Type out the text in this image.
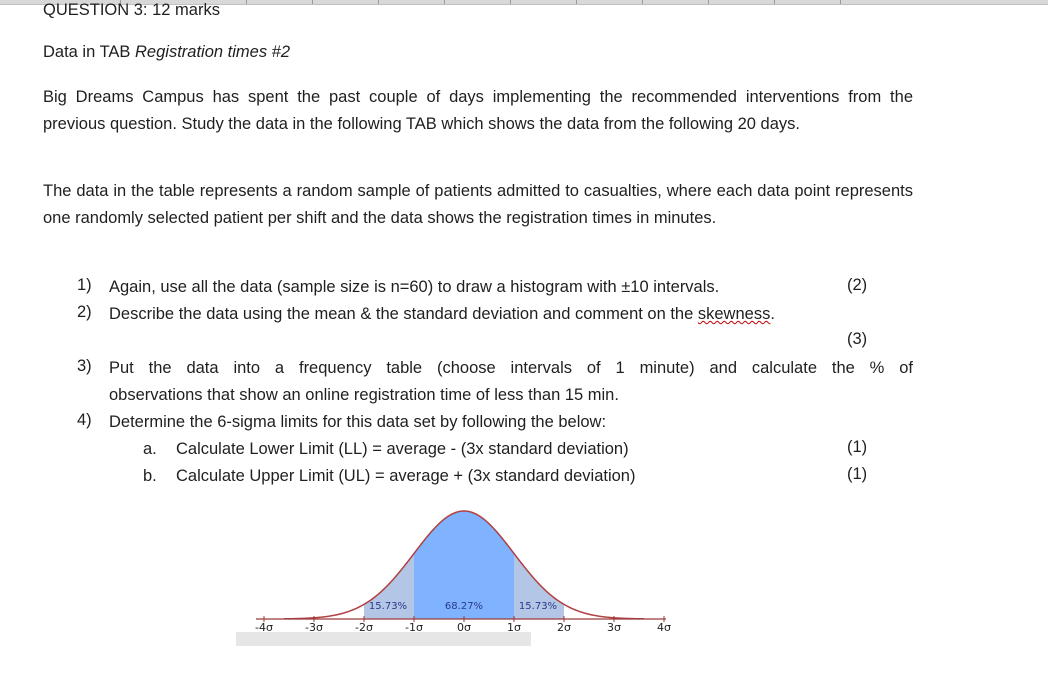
QUESTION 3: 12 marks
Data in TAB Registration times #2
Big Dreams Campus has spent the past couple of days implementing the recommended interventions from the previous question. Study the data in the following TAB which shows the data from the following 20 days.
The data in the table represents a random sample of patients admitted to casualties, where each data point represents one randomly selected patient per shift and the data shows the registration times in minutes.
1) Again, use all the data (sample size is n=60) to draw a histogram with ±10 intervals.	(2)
2) Describe the data using the mean & the standard deviation and comment on the skewness.
(3)
3) Put the data into a frequency table (choose intervals of 1 minute) and calculate the % of
observations that show an online registration time of less than 15 min.
4) Determine the 6-sigma limits for this data set by following the below:
a. Calculate Lower Limit (LL) = average - (3x standard deviation)	(1)
b. Calculate Upper Limit (UL) = average + (3x standard deviation)	(1)
-4σ	-3σ	-2σ	-1σ	0σ	1σ	2σ	3σ	4σ
15.73%	68.27%	15.73%
